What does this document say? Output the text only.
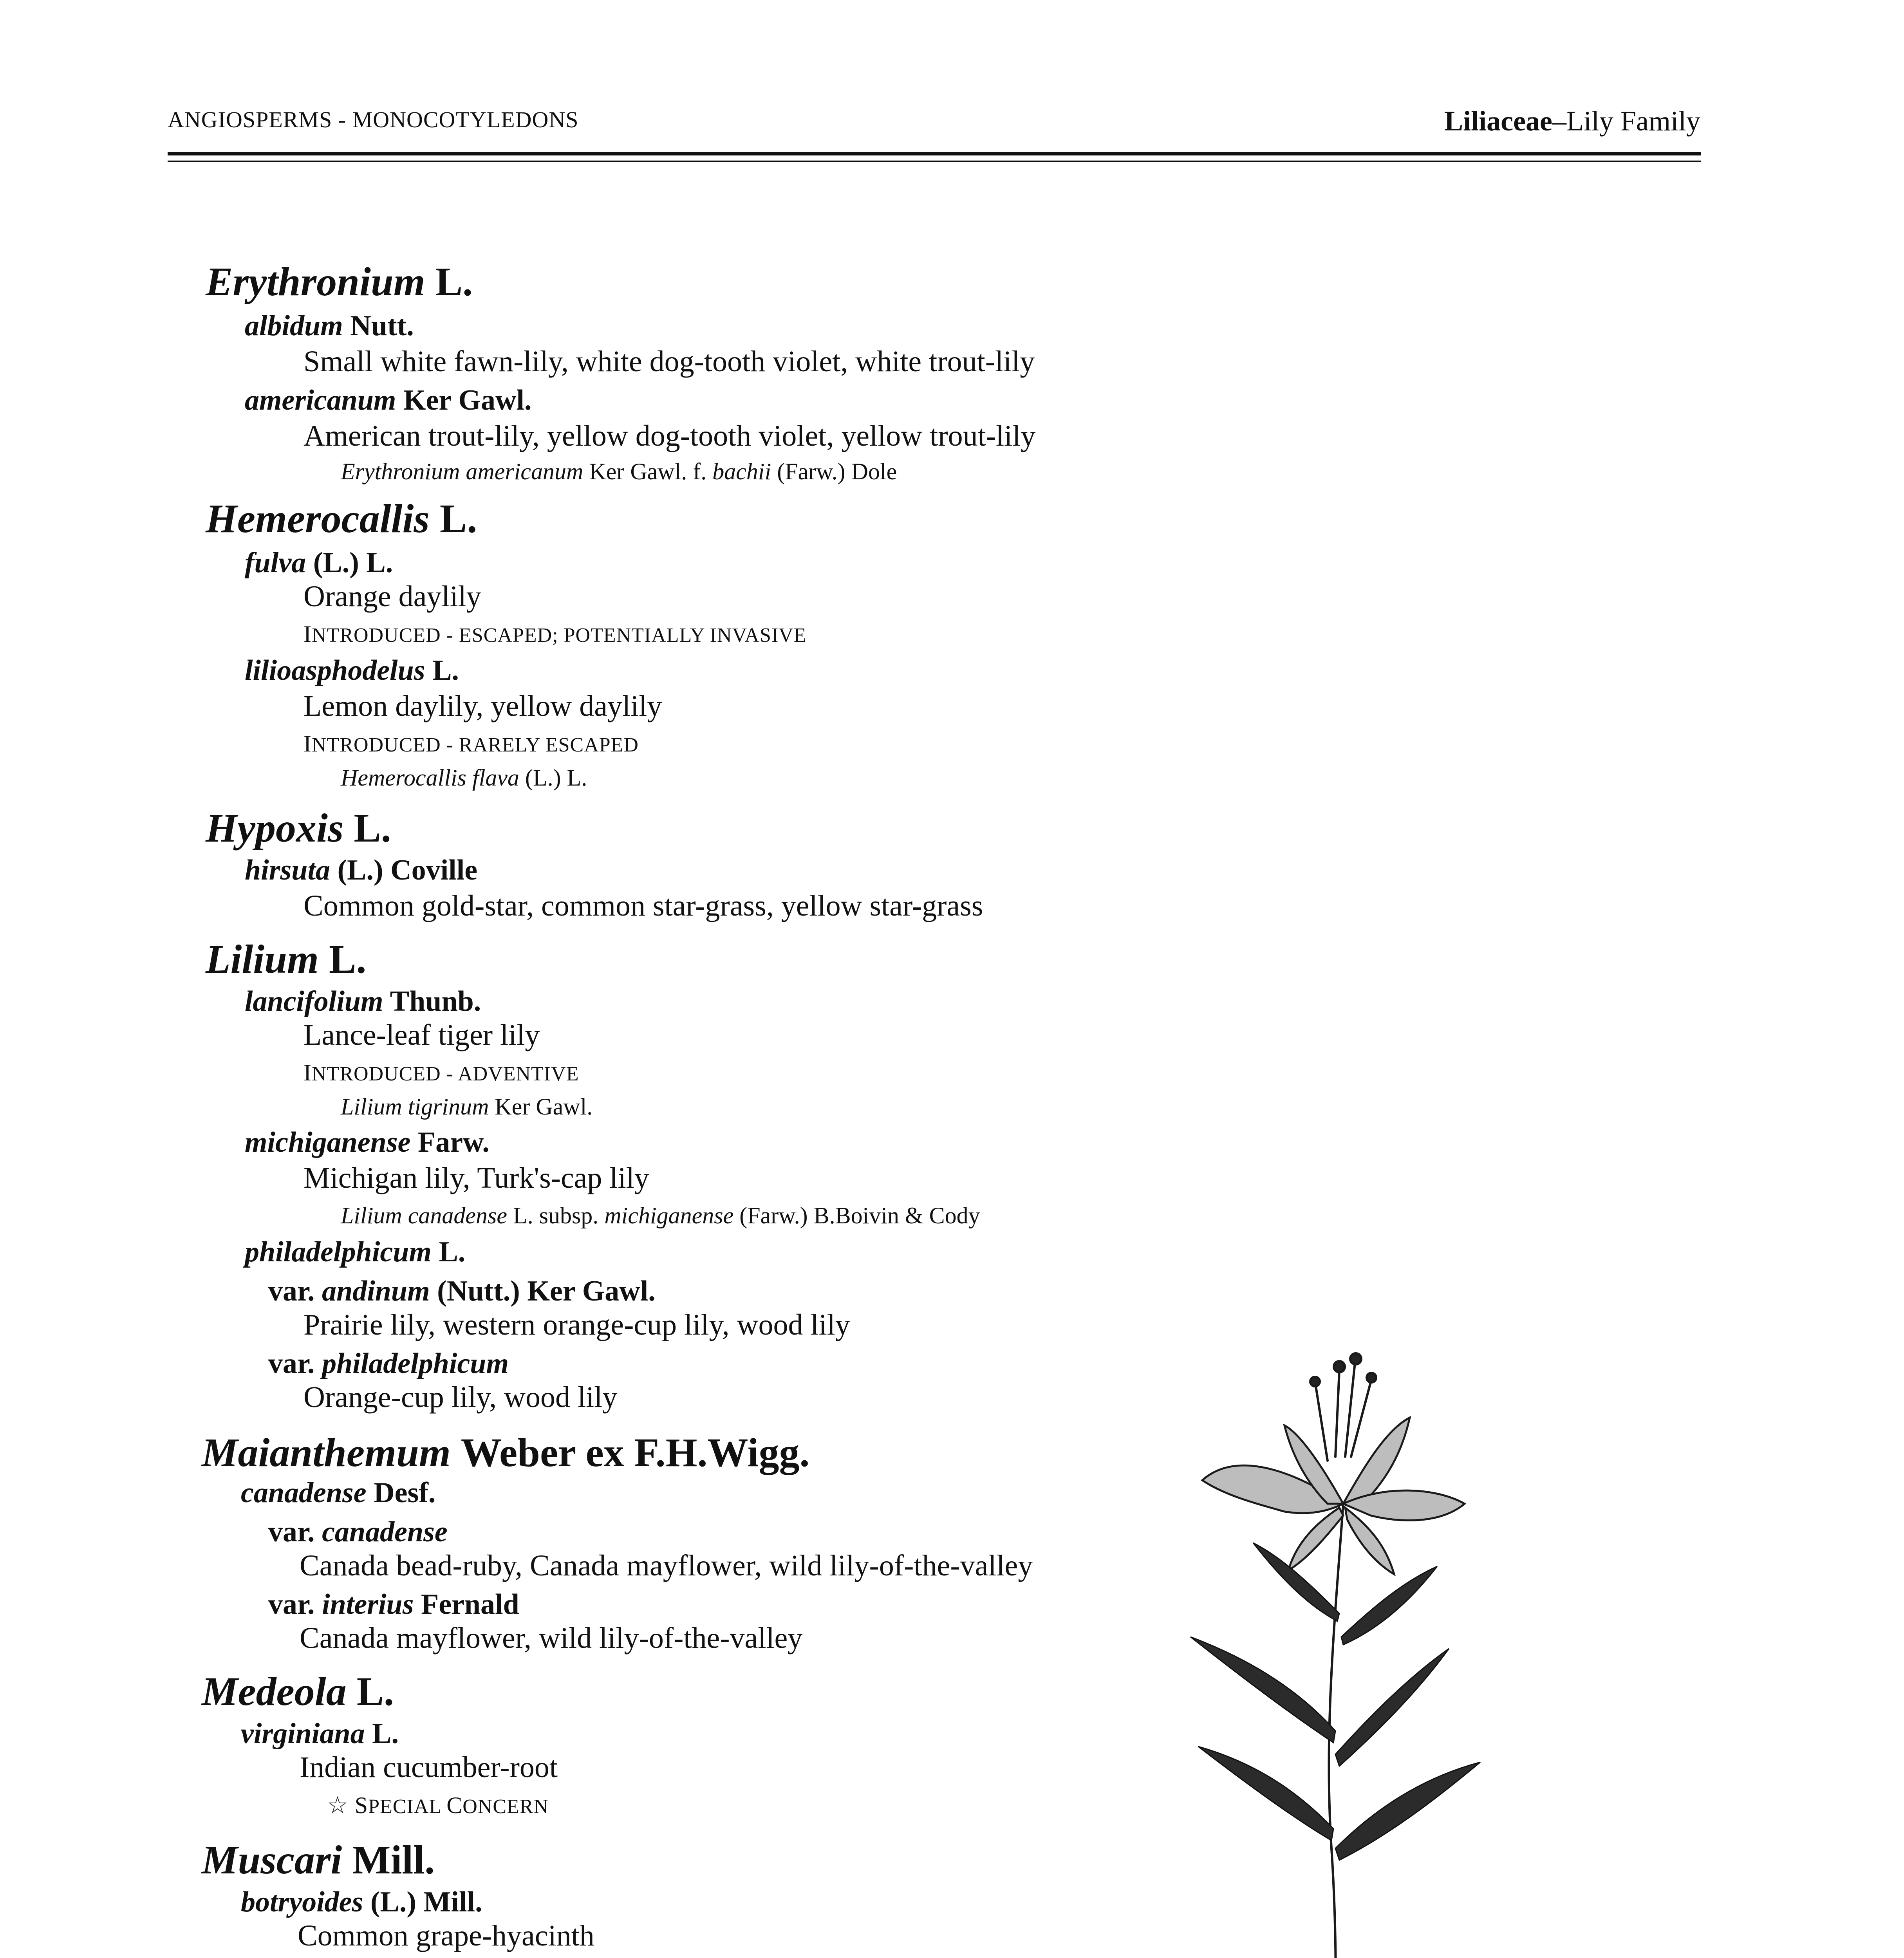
ANGIOSPERMS - MONOCOTYLEDONS	Liliaceae–Lily Family
Erythronium L.
albidum Nutt.
Small white fawn-lily, white dog-tooth violet, white trout-lily
americanum Ker Gawl.
American trout-lily, yellow dog-tooth violet, yellow trout-lily
Erythronium americanum Ker Gawl. f. bachii (Farw.) Dole
Hemerocallis L.
fulva (L.) L.
Orange daylily
INTRODUCED - ESCAPED; POTENTIALLY INVASIVE
lilioasphodelus L.
Lemon daylily, yellow daylily
INTRODUCED - RARELY ESCAPED
Hemerocallis flava (L.) L.
Hypoxis L.
hirsuta (L.) Coville
Common gold-star, common star-grass, yellow star-grass
Lilium L.
lancifolium Thunb.
Lance-leaf tiger lily
INTRODUCED - ADVENTIVE
Lilium tigrinum Ker Gawl.
michiganense Farw.
Michigan lily, Turk's-cap lily
Lilium canadense L. subsp. michiganense (Farw.) B.Boivin & Cody
philadelphicum L.
var. andinum (Nutt.) Ker Gawl.
Prairie lily, western orange-cup lily, wood lily
var. philadelphicum
Orange-cup lily, wood lily
Maianthemum Weber ex F.H.Wigg.
canadense Desf.
var. canadense
Canada bead-ruby, Canada mayflower, wild lily-of-the-valley
var. interius Fernald
Canada mayflower, wild lily-of-the-valley
Medeola L.
virginiana L.
Indian cucumber-root
☆ SPECIAL CONCERN
Muscari Mill.
botryoides (L.) Mill.
Common grape-hyacinth
